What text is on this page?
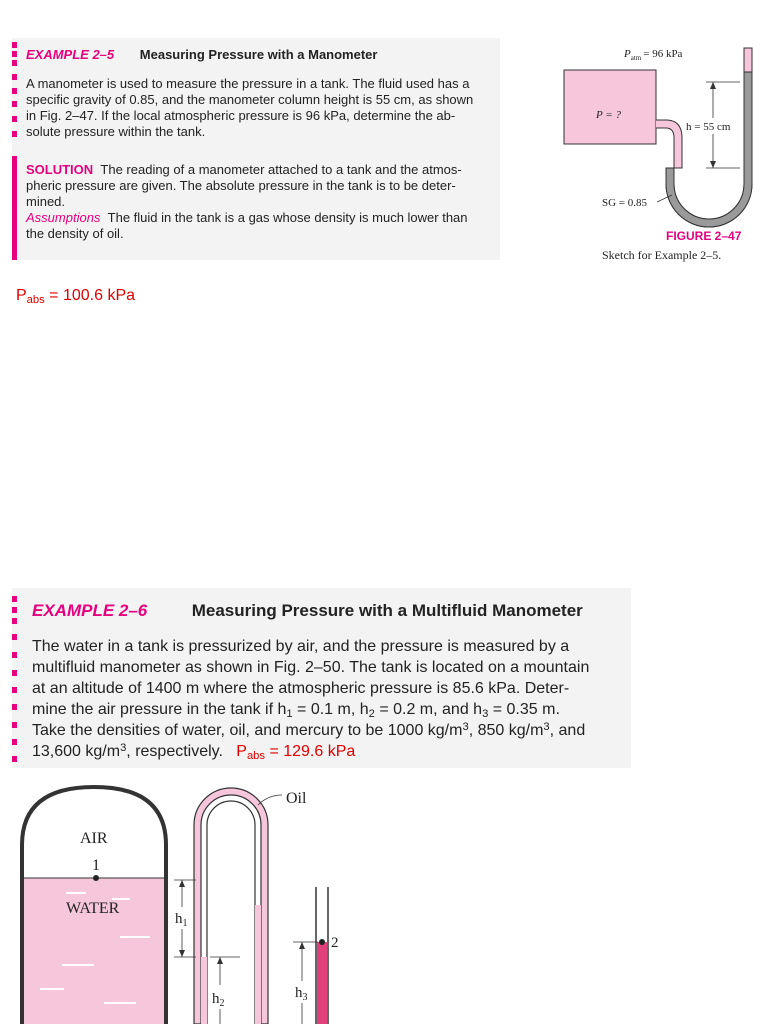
EXAMPLE 2–5 Measuring Pressure with a Manometer
A manometer is used to measure the pressure in a tank. The fluid used has a
specific gravity of 0.85, and the manometer column height is 55 cm, as shown
in Fig. 2–47. If the local atmospheric pressure is 96 kPa, determine the ab-
solute pressure within the tank.
SOLUTION The reading of a manometer attached to a tank and the atmos-
pheric pressure are given. The absolute pressure in the tank is to be deter-
mined.
Assumptions The fluid in the tank is a gas whose density is much lower than
the density of oil.
$P_{abs} = 100.6$ kPa
$P_{atm} = 96$ kPa
P = ?
h = 55 cm
SG = 0.85
FIGURE 2–47
Sketch for Example 2–5.
EXAMPLE 2–6	Measuring Pressure with a Multifluid Manometer
The water in a tank is pressurized by air, and the pressure is measured by a
multifluid manometer as shown in Fig. 2–50. The tank is located on a mountain
at an altitude of 1400 m where the atmospheric pressure is 85.6 kPa. Deter-
mine the air pressure in the tank if $h_1 = 0.1$ m, $h_2 = 0.2$ m, and $h_3 = 0.35$ m.
Take the densities of water, oil, and mercury to be 1000 $kg/m^3$, 850 $kg/m^3$, and
13,600 $kg/m^3$, respectively. $P_{abs} = 129.6$ kPa
Oil
AIR
1
WATER
$h_1$
$h_2$
$h_3$
2
